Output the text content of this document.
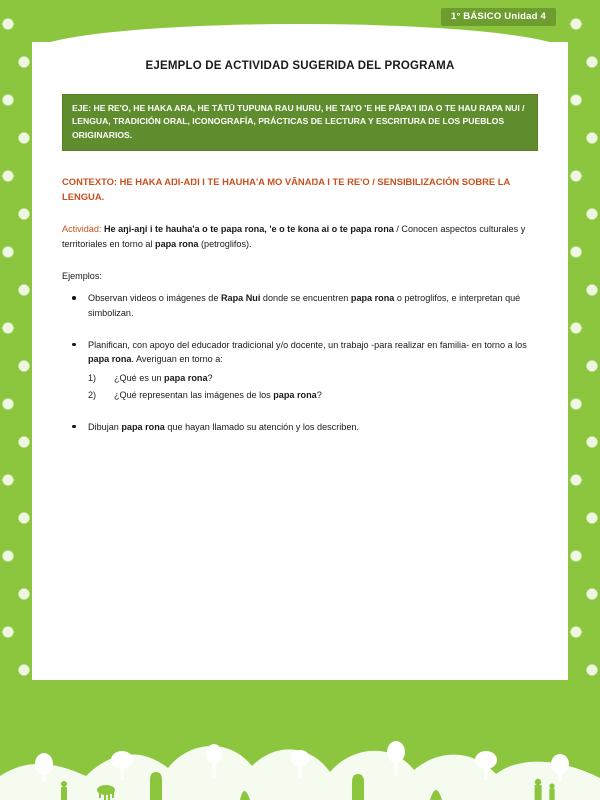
1° BÁSICO Unidad 4
EJEMPLO DE ACTIVIDAD SUGERIDA DEL PROGRAMA
EJE: HE RE'O, HE HAKA ARA, HE TĀTŪ TUPUNA RAU HURU, HE TAI'O 'E HE PĀPA'I IŊA O TE HAU RAPA NUI / LENGUA, TRADICIÓN ORAL, ICONOGRAFÍA, PRÁCTICAS DE LECTURA Y ESCRITURA DE LOS PUEBLOS ORIGINARIOS.
CONTEXTO: HE HAKA AŊI-AŊI I TE HAUHA'A MO VĀNAŊA I TE RE'O / SENSIBILIZACIÓN SOBRE LA LENGUA.
Actividad: He aŋi-aŋi i te hauha'a o te papa rona, 'e o te kona ai o te papa rona / Conocen aspectos culturales y territoriales en torno al papa rona (petroglifos).
Ejemplos:
Observan videos o imágenes de Rapa Nui donde se encuentren papa rona o petroglifos, e interpretan qué simbolizan.
Planifican, con apoyo del educador tradicional y/o docente, un trabajo -para realizar en familia- en torno a los papa rona. Averiguan en torno a:
1)	¿Qué es un papa rona?
2)	¿Qué representan las imágenes de los papa rona?
Dibujan papa rona que hayan llamado su atención y los describen.
